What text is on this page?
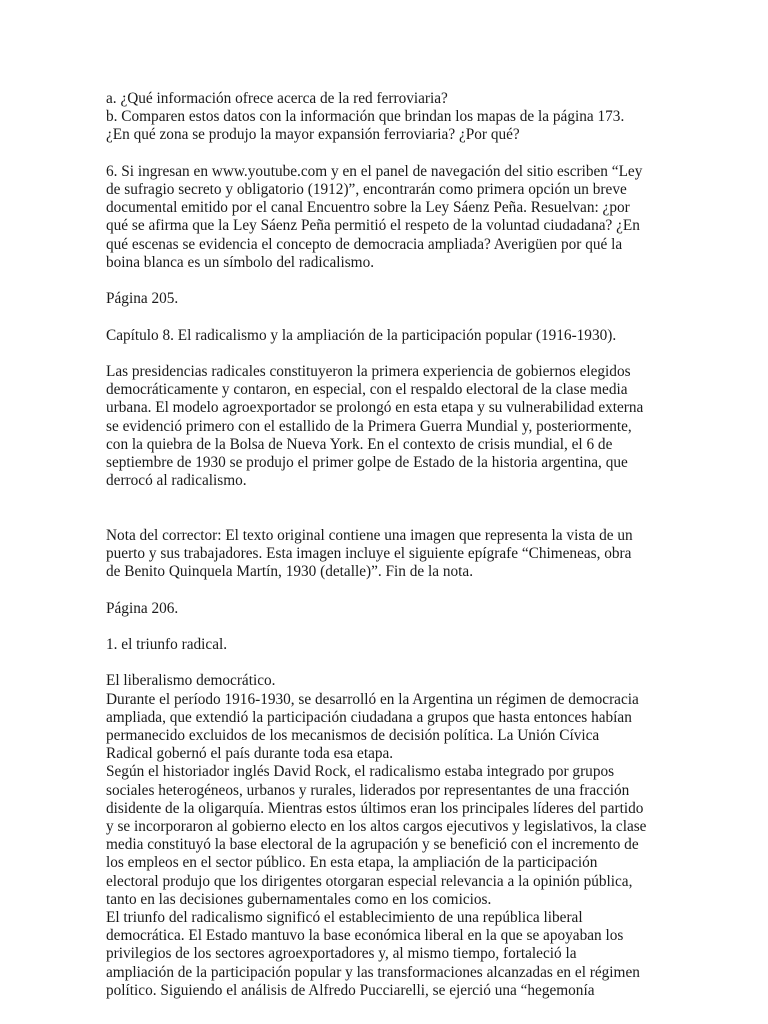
a. ¿Qué información ofrece acerca de la red ferroviaria?
b. Comparen estos datos con la información que brindan los mapas de la página 173.
¿En qué zona se produjo la mayor expansión ferroviaria? ¿Por qué?

6. Si ingresan en www.youtube.com y en el panel de navegación del sitio escriben “Ley
de sufragio secreto y obligatorio (1912)”, encontrarán como primera opción un breve
documental emitido por el canal Encuentro sobre la Ley Sáenz Peña. Resuelvan: ¿por
qué se afirma que la Ley Sáenz Peña permitió el respeto de la voluntad ciudadana? ¿En
qué escenas se evidencia el concepto de democracia ampliada? Averigüen por qué la
boina blanca es un símbolo del radicalismo.

Página 205.

Capítulo 8. El radicalismo y la ampliación de la participación popular (1916-1930).

Las presidencias radicales constituyeron la primera experiencia de gobiernos elegidos
democráticamente y contaron, en especial, con el respaldo electoral de la clase media
urbana. El modelo agroexportador se prolongó en esta etapa y su vulnerabilidad externa
se evidenció primero con el estallido de la Primera Guerra Mundial y, posteriormente,
con la quiebra de la Bolsa de Nueva York. En el contexto de crisis mundial, el 6 de
septiembre de 1930 se produjo el primer golpe de Estado de la historia argentina, que
derrocó al radicalismo.

Nota del corrector: El texto original contiene una imagen que representa la vista de un
puerto y sus trabajadores. Esta imagen incluye el siguiente epígrafe “Chimeneas, obra
de Benito Quinquela Martín, 1930 (detalle)”. Fin de la nota.

Página 206.

1. el triunfo radical.

El liberalismo democrático.

Durante el período 1916-1930, se desarrolló en la Argentina un régimen de democracia
ampliada, que extendió la participación ciudadana a grupos que hasta entonces habían
permanecido excluidos de los mecanismos de decisión política. La Unión Cívica
Radical gobernó el país durante toda esa etapa.

Según el historiador inglés David Rock, el radicalismo estaba integrado por grupos
sociales heterogéneos, urbanos y rurales, liderados por representantes de una fracción
disidente de la oligarquía. Mientras estos últimos eran los principales líderes del partido
y se incorporaron al gobierno electo en los altos cargos ejecutivos y legislativos, la clase
media constituyó la base electoral de la agrupación y se benefició con el incremento de
los empleos en el sector público. En esta etapa, la ampliación de la participación
electoral produjo que los dirigentes otorgaran especial relevancia a la opinión pública,
tanto en las decisiones gubernamentales como en los comicios.

El triunfo del radicalismo significó el establecimiento de una república liberal
democrática. El Estado mantuvo la base económica liberal en la que se apoyaban los
privilegios de los sectores agroexportadores y, al mismo tiempo, fortaleció la
ampliación de la participación popular y las transformaciones alcanzadas en el régimen
político. Siguiendo el análisis de Alfredo Pucciarelli, se ejerció una “hegemonía
